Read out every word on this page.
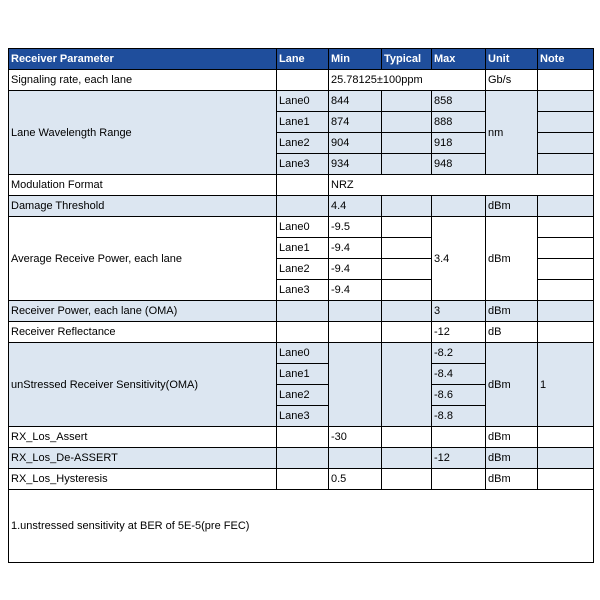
Receiver Parameter	Lane	Min	Typical	Max	Unit	Note
Signaling rate, each lane		25.78125±100ppm			Gb/s	
Lane Wavelength Range	Lane0	844		858	nm	
	Lane1	874		888		
	Lane2	904		918		
	Lane3	934		948		
Modulation Format		NRZ				
Damage Threshold		4.4			dBm	
Average Receive Power, each lane	Lane0	-9.5		3.4	dBm	
	Lane1	-9.4				
	Lane2	-9.4				
	Lane3	-9.4				
Receiver Power, each lane (OMA)				3	dBm	
Receiver Reflectance				-12	dB	
unStressed Receiver Sensitivity(OMA)	Lane0			-8.2	dBm	1
	Lane1			-8.4		
	Lane2			-8.6		
	Lane3			-8.8		
RX_Los_Assert		-30			dBm	
RX_Los_De-ASSERT				-12	dBm	
RX_Los_Hysteresis		0.5			dBm	
1.unstressed sensitivity at BER of 5E-5(pre FEC)						
